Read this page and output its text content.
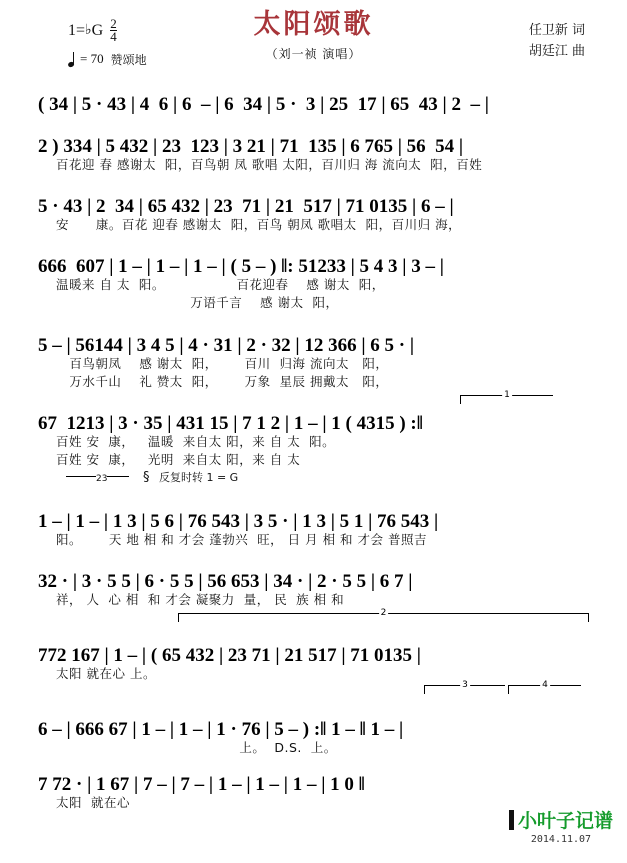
1= ♭ G $\frac{2}{4}$
= 70 赞颂地
太阳颂歌
（刘一祯 演唱）
任卫新 词
胡廷江 曲
( 34 | 5 · 43 | 4  6 | 6  – | 6  34 | 5 ·  3 | 25  17 | 65  43 | 2  – |
2 ) 334 | 5 432 | 23  123 | 3 21 | 71  135 | 6 765 | 56  54 |
百花迎 春 感谢太  阳，百鸟朝 凤 歌唱 太阳，百川归 海 流向太  阳，百姓
5 · 43 | 2  34 | 65 432 | 23  71 | 21  517 | 71 0135 | 6 – |
安      康。百花 迎春 感谢太  阳，百鸟 朝凤 歌唱太  阳，百川归 海，
666  607 | 1 – | 1 – | 1 – | ( 5 – ) ‖: 51233 | 5 4 3 | 3 – |
温暖来 自 太  阳。                百花迎春    感 谢太  阳，
万语千言    感 谢太  阳，
5 – | 56144 | 3 4 5 | 4 · 31 | 2 · 32 | 12 366 | 6 5 · |
百鸟朝凤    感 谢太  阳，      百川  归海 流向太   阳，
万水千山    礼 赞太  阳，      万象  星辰 拥戴太   阳，
1
67  1213 | 3 · 35 | 431 15 | 7 1 2 | 1 – | 1 ( 4315 ) :‖
百姓 安  康，   温暖  来自太 阳，来 自 太  阳。
百姓 安  康，   光明  来自太 阳，来 自 太
23	§ 反复时转 1 = G
1 – | 1 – | 1 3 | 5 6 | 76 543 | 3 5 · | 1 3 | 5 1 | 76 543 |
阳。      天 地 相 和 才会 蓬勃兴  旺， 日 月 相 和 才会 普照吉
32 · | 3 · 5 5 | 6 · 5 5 | 56 653 | 34 · | 2 · 5 5 | 6 7 |
祥， 人  心 相  和 才会 凝聚力  量， 民  族 相 和
2
772 167 | 1 – | ( 65 432 | 23 71 | 21 517 | 71 0135 |
太阳 就在心 上。
3	4
6 – | 666 67 | 1 – | 1 – | 1 · 76 | 5 – ) :‖ 1 – ‖ 1 – |
上。  D.S.  上。
7 72 · | 1 67 | 7 – | 7 – | 1 – | 1 – | 1 – | 1 0 ‖
太阳  就在心
小叶子记谱
2014.11.07
